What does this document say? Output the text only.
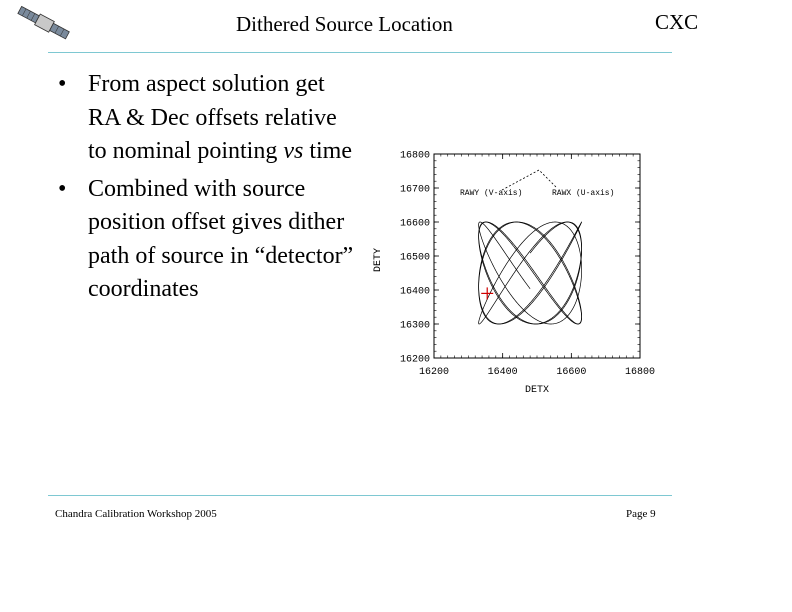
Dithered Source Location	CXC
• From aspect solution get RA & Dec offsets relative to nominal pointing vs time
• Combined with source position offset gives dither path of source in “detector” coordinates
16200	16400	16600	16800
16800
16700
16600
16500
16400
16300
16200
DETX
DETY
RAWY (V-axis)	RAWX (U-axis)
Chandra Calibration Workshop 2005	Page 9
